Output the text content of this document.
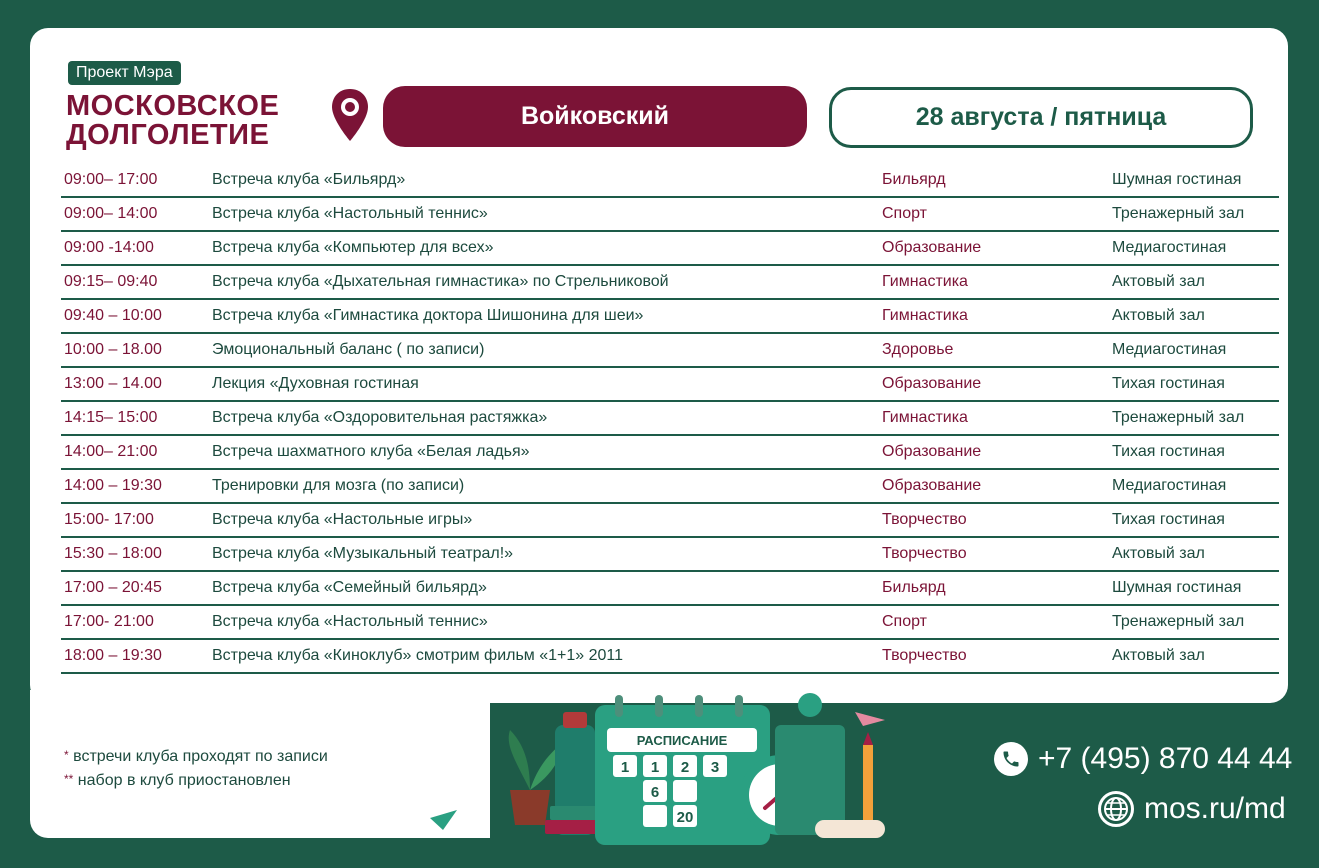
Проект Мэра
МОСКОВСКОЕ
ДОЛГОЛЕТИЕ
Войковский	28 августа / пятница
09:00– 17:00	Встреча клуба «Бильярд»	Бильярд	Шумная гостиная
09:00– 14:00	Встреча клуба «Настольный теннис»	Спорт	Тренажерный зал
09:00 -14:00	Встреча клуба «Компьютер для всех»	Образование	Медиагостиная
09:15– 09:40	Встреча клуба «Дыхательная гимнастика» по Стрельниковой	Гимнастика	Актовый зал
09:40 – 10:00	Встреча клуба «Гимнастика доктора Шишонина для шеи»	Гимнастика	Актовый зал
10:00 – 18.00	Эмоциональный баланс ( по записи)	Здоровье	Медиагостиная
13:00 – 14.00	Лекция «Духовная гостиная	Образование	Тихая гостиная
14:15– 15:00	Встреча клуба «Оздоровительная растяжка»	Гимнастика	Тренажерный зал
14:00– 21:00	Встреча шахматного клуба «Белая ладья»	Образование	Тихая гостиная
14:00 – 19:30	Тренировки для мозга (по записи)	Образование	Медиагостиная
15:00- 17:00	Встреча клуба «Настольные игры»	Творчество	Тихая гостиная
15:30 – 18:00	Встреча клуба «Музыкальный театрал!»	Творчество	Актовый зал
17:00 – 20:45	Встреча клуба «Семейный бильярд»	Бильярд	Шумная гостиная
17:00- 21:00	Встреча клуба «Настольный теннис»	Спорт	Тренажерный зал
18:00 – 19:30	Встреча клуба «Киноклуб» смотрим фильм «1+1» 2011	Творчество	Актовый зал
* встречи клуба проходят по записи
** набор в клуб приостановлен
РАСПИСАНИЕ
1 1 2 3
6
20
+7 (495) 870 44 44
mos.ru/md
